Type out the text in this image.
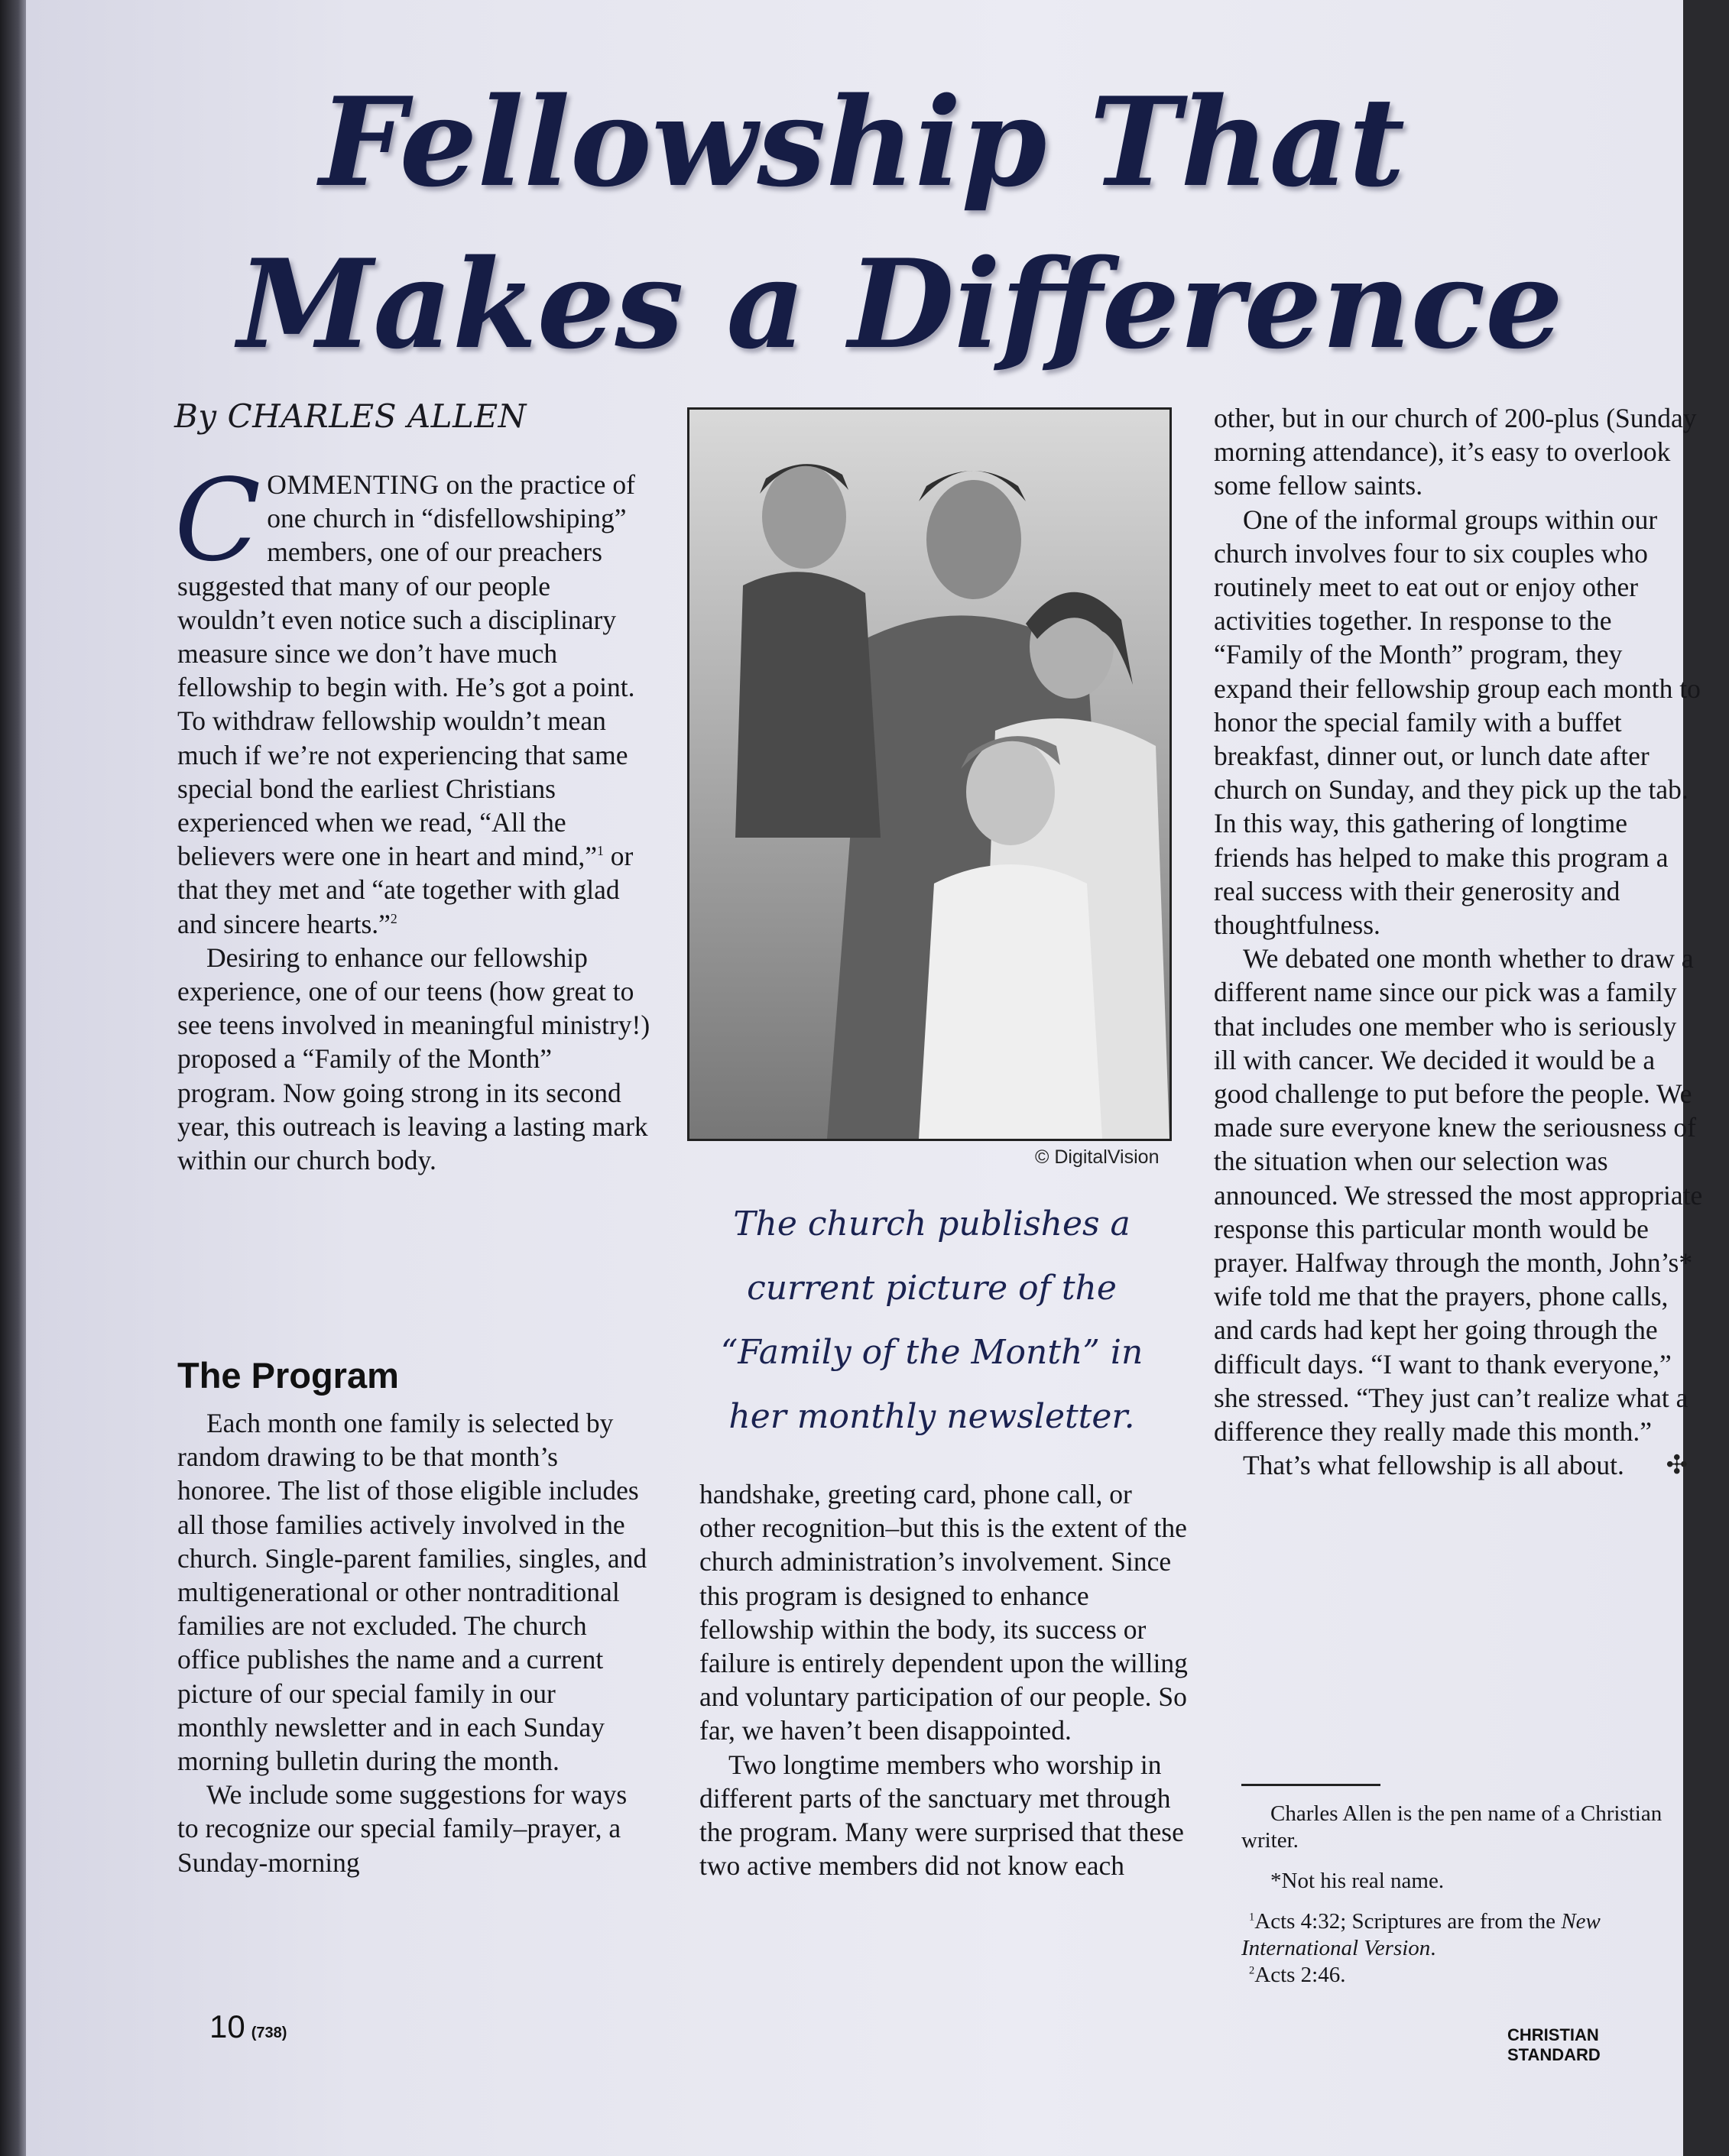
Fellowship That
Makes a Difference

By CHARLES ALLEN

COMMENTING on the practice of one church in “disfellowshiping” members, one of our preachers suggested that many of our people wouldn’t even notice such a disciplinary measure since we don’t have much fellowship to begin with. He’s got a point. To withdraw fellowship wouldn’t mean much if we’re not experiencing that same special bond the earliest Christians experienced when we read, “All the believers were one in heart and mind,”$^1$ or that they met and “ate together with glad and sincere hearts.”$^2$

Desiring to enhance our fellowship experience, one of our teens (how great to see teens involved in meaningful ministry!) proposed a “Family of the Month” program. Now going strong in its second year, this outreach is leaving a lasting mark within our church body.

The Program

Each month one family is selected by random drawing to be that month’s honoree. The list of those eligible includes all those families actively involved in the church. Single-parent families, singles, and multigenerational or other nontraditional families are not excluded. The church office publishes the name and a current picture of our special family in our monthly newsletter and in each Sunday morning bulletin during the month.

We include some suggestions for ways to recognize our special family–prayer, a Sunday-morning

© DigitalVision

The church publishes a current picture of the “Family of the Month” in her monthly newsletter.

handshake, greeting card, phone call, or other recognition–but this is the extent of the church administration’s involvement. Since this program is designed to enhance fellowship within the body, its success or failure is entirely dependent upon the willing and voluntary participation of our people. So far, we haven’t been disappointed.

Two longtime members who worship in different parts of the sanctuary met through the program. Many were surprised that these two active members did not know each

other, but in our church of 200-plus (Sunday morning attendance), it’s easy to overlook some fellow saints.

One of the informal groups within our church involves four to six couples who routinely meet to eat out or enjoy other activities together. In response to the “Family of the Month” program, they expand their fellowship group each month to honor the special family with a buffet breakfast, dinner out, or lunch date after church on Sunday, and they pick up the tab. In this way, this gathering of longtime friends has helped to make this program a real success with their generosity and thoughtfulness.

We debated one month whether to draw a different name since our pick was a family that includes one member who is seriously ill with cancer. We decided it would be a good challenge to put before the people. We made sure everyone knew the seriousness of the situation when our selection was announced. We stressed the most appropriate response this particular month would be prayer. Halfway through the month, John’s* wife told me that the prayers, phone calls, and cards had kept her going through the difficult days. “I want to thank everyone,” she stressed. “They just can’t realize what a difference they really made this month.”

That’s what fellowship is all about.	✣

Charles Allen is the pen name of a Christian writer.

*Not his real name.

$^1$Acts 4:32; Scriptures are from the New International Version.

$^2$Acts 2:46.

10 (738)	CHRISTIAN STANDARD
